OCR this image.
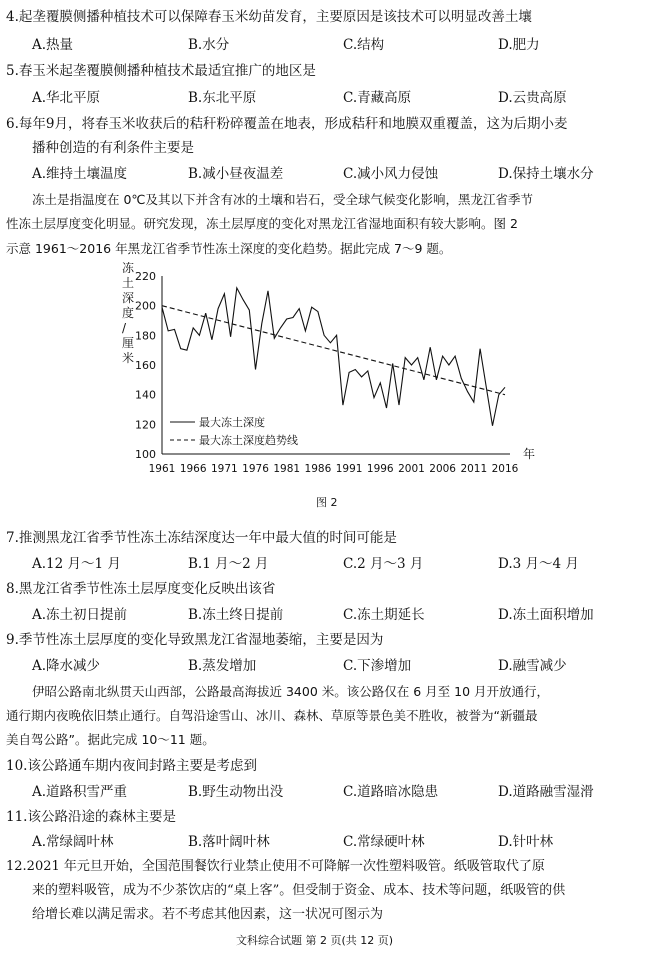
4.起垄覆膜侧播种植技术可以保障春玉米幼苗发育，主要原因是该技术可以明显改善土壤
A.热量	B.水分	C.结构	D.肥力
5.春玉米起垄覆膜侧播种植技术最适宜推广的地区是
A.华北平原	B.东北平原	C.青藏高原	D.云贵高原
6.每年9月，将春玉米收获后的秸秆粉碎覆盖在地表，形成秸秆和地膜双重覆盖，这为后期小麦
播种创造的有利条件主要是
A.维持土壤温度	B.减小昼夜温差	C.减小风力侵蚀	D.保持土壤水分
冻土是指温度在 0℃及其以下并含有冰的土壤和岩石，受全球气候变化影响，黑龙江省季节
性冻土层厚度变化明显。研究发现，冻土层厚度的变化对黑龙江省湿地面积有较大影响。图 2
示意 1961～2016 年黑龙江省季节性冻土深度的变化趋势。据此完成 7～9 题。
冻土深度/厘米
100
120
140
160
180
200
220
1961 1966 1971 1976 1981 1986 1991 1996 2001 2006 2011 2016
年
最大冻土深度
最大冻土深度趋势线
图 2
7.推测黑龙江省季节性冻土冻结深度达一年中最大值的时间可能是
A.12 月～1 月	B.1 月～2 月	C.2 月～3 月	D.3 月～4 月
8.黑龙江省季节性冻土层厚度变化反映出该省
A.冻土初日提前	B.冻土终日提前	C.冻土期延长	D.冻土面积增加
9.季节性冻土层厚度的变化导致黑龙江省湿地萎缩，主要是因为
A.降水减少	B.蒸发增加	C.下渗增加	D.融雪减少
伊昭公路南北纵贯天山西部，公路最高海拔近 3400 米。该公路仅在 6 月至 10 月开放通行，
通行期内夜晚依旧禁止通行。自驾沿途雪山、冰川、森林、草原等景色美不胜收，被誉为“新疆最
美自驾公路”。据此完成 10～11 题。
10.该公路通车期内夜间封路主要是考虑到
A.道路积雪严重	B.野生动物出没	C.道路暗冰隐患	D.道路融雪湿滑
11.该公路沿途的森林主要是
A.常绿阔叶林	B.落叶阔叶林	C.常绿硬叶林	D.针叶林
12.2021 年元旦开始，全国范围餐饮行业禁止使用不可降解一次性塑料吸管。纸吸管取代了原
来的塑料吸管，成为不少茶饮店的“桌上客”。但受制于资金、成本、技术等问题，纸吸管的供
给增长难以满足需求。若不考虑其他因素，这一状况可图示为
文科综合试题 第 2 页(共 12 页)
